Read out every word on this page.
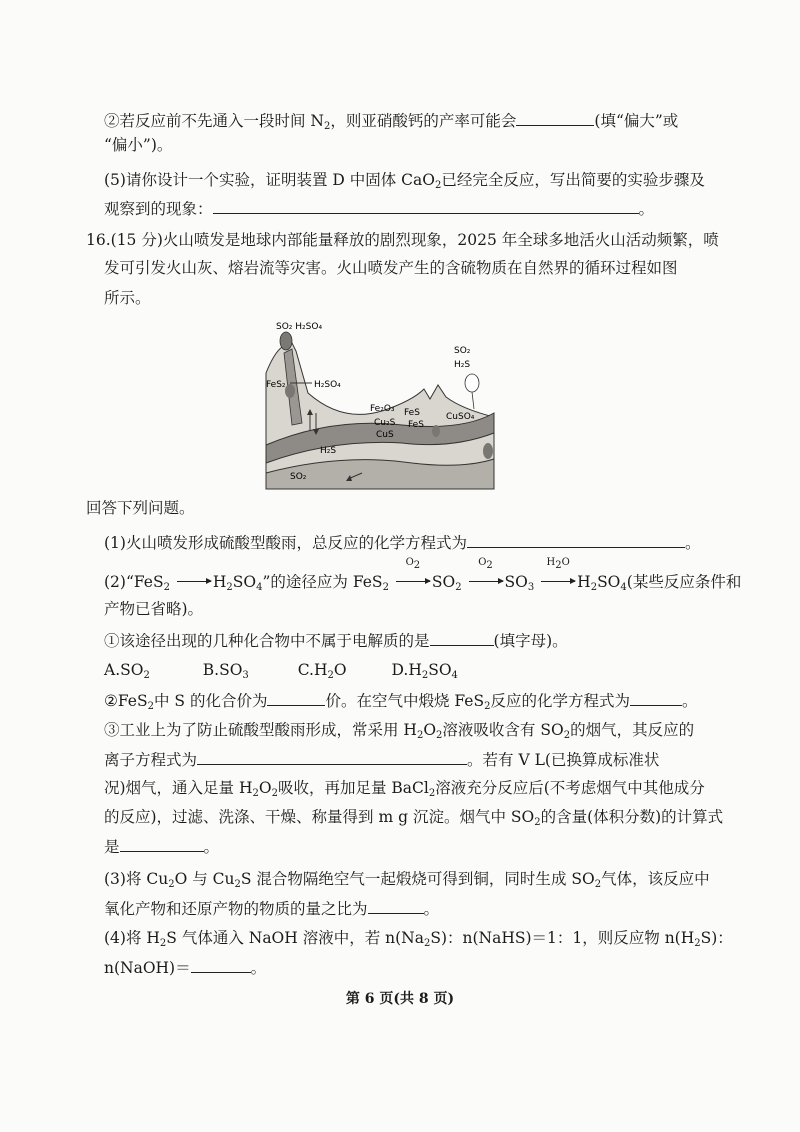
②若反应前不先通入一段时间 $N_2$，则亚硝酸钙的产率可能会	(填“偏大”或
“偏小”)。
(5)请你设计一个实验，证明装置 D 中固体 CaO$_2$已经完全反应，写出简要的实验步骤及
观察到的现象：	。
16.(15 分)火山喷发是地球内部能量释放的剧烈现象，2025 年全球多地活火山活动频繁，喷
发可引发火山灰、熔岩流等灾害。火山喷发产生的含硫物质在自然界的循环过程如图
所示。
SO₂ H₂SO₄
FeS₂	H₂SO₄
SO₂
H₂S
Fe₂O₃ FeS
FeS
CuSO₄
Cu₂S
CuS
H₂S
SO₂
回答下列问题。
(1)火山喷发形成硫酸型酸雨，总反应的化学方程式为	。
(2)“FeS$_2$	$H_2SO_4$”的途径应为 FeS$_2$
$O_2$
$SO_2$
$O_2$
$SO_3$
$H_2O$
$H_2SO_4$(某些反应条件和
产物已省略)。
①该途径出现的几种化合物中不属于电解质的是	(填字母)。
$A.SO_2$	$B.SO_3$	$C.H_2O$	$D.H_2SO_4$
②FeS$_2$中 S 的化合价为	价。在空气中煅烧 FeS$_2$反应的化学方程式为	。
③工业上为了防止硫酸型酸雨形成，常采用 $H_2O_2$溶液吸收含有 $SO_2$的烟气，其反应的
离子方程式为	。若有 V L(已换算成标准状
况)烟气，通入足量 $H_2O_2$吸收，再加足量 BaCl$_2$溶液充分反应后(不考虑烟气中其他成分
的反应)，过滤、洗涤、干燥、称量得到 m g 沉淀。烟气中 $SO_2$的含量(体积分数)的计算式
是	。
(3)将 $Cu_2O$ 与 $Cu_2S$ 混合物隔绝空气一起煅烧可得到铜，同时生成 $SO_2$气体，该反应中
氧化产物和还原产物的物质的量之比为	。
(4)将 $H_2S$ 气体通入 NaOH 溶液中，若 $n(Na_2S)$：n(NaHS)＝1：1，则反应物 $n(H_2S)$：
n(NaOH)＝	。
第 6 页(共 8 页)
